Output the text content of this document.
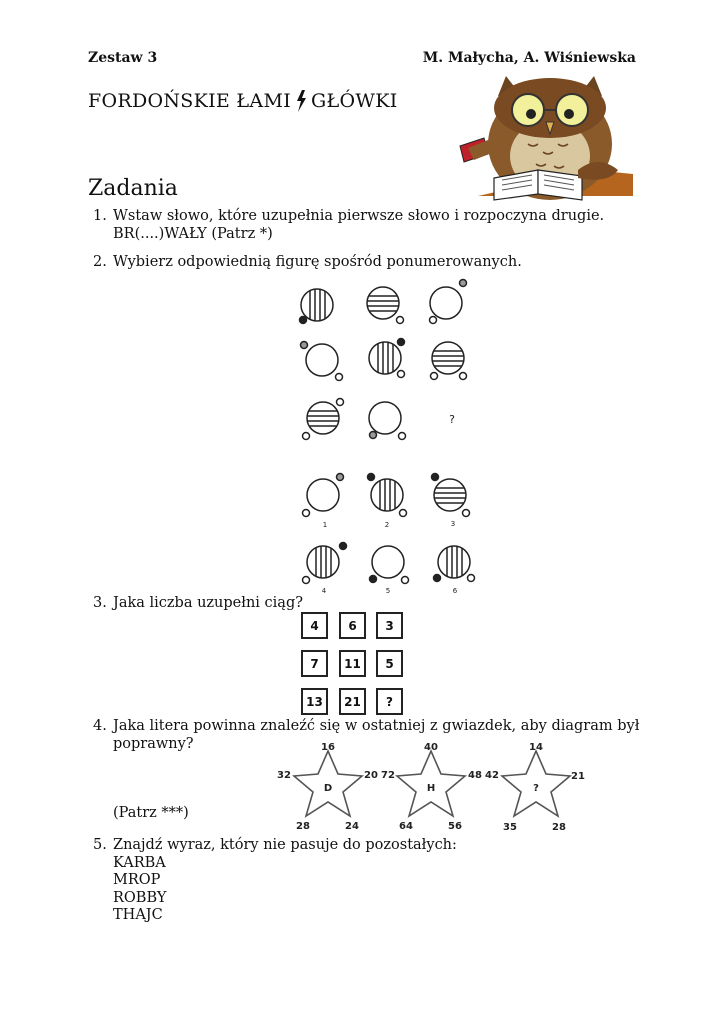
Zestaw 3	M. Małycha, A. Wiśniewska
FORDOŃSKIE ŁAMI GŁÓWKI
Zadania
1. Wstaw słowo, które uzupełnia pierwsze słowo i rozpoczyna drugie.
BR(....)WAŁY (Patrz *)
2. Wybierz odpowiednią figurę spośród ponumerowanych.
?
1	2	3
4	5	6
3. Jaka liczba uzupełni ciąg?
4	6	3
7	11	5
13	21	?
4. Jaka litera powinna znaleźć się w ostatniej z gwiazdek, aby diagram był poprawny?
(Patrz ***)
16
32	20
28	24
D
40
72	48
64	56
H
14
42	21
35	28
?
5. Znajdź wyraz, który nie pasuje do pozostałych:
KARBA
MROP
ROBBY
THAJC
